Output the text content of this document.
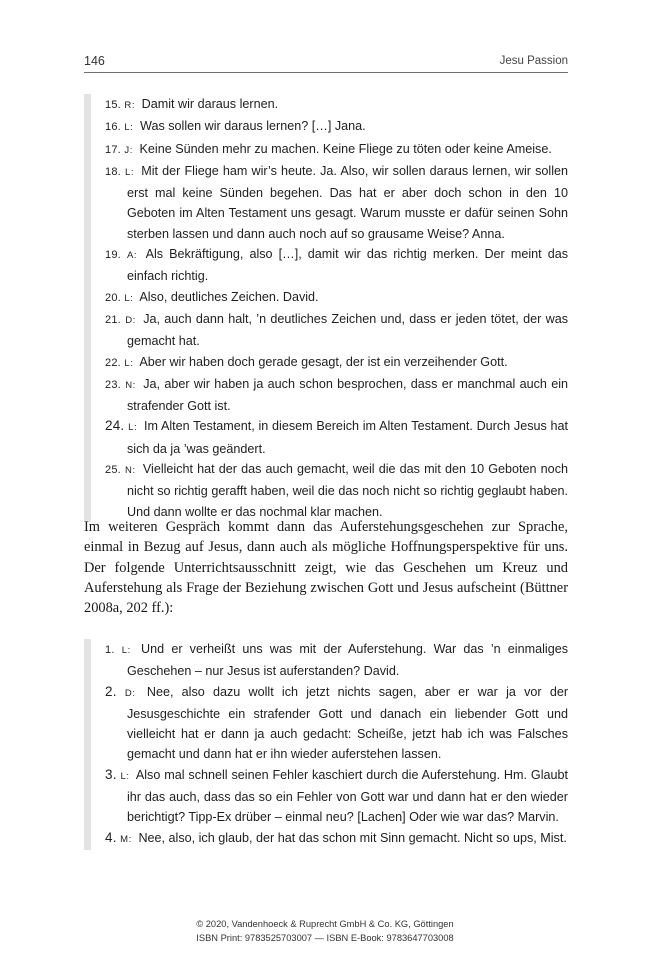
146	Jesu Passion

15. R: Damit wir daraus lernen.

16. L: Was sollen wir daraus lernen? […] Jana.

17. J: Keine Sünden mehr zu machen. Keine Fliege zu töten oder keine Ameise.

18. L: Mit der Fliege ham wir’s heute. Ja. Also, wir sollen daraus lernen, wir sollen erst mal keine Sünden begehen. Das hat er aber doch schon in den 10 Geboten im Alten Testament uns gesagt. Warum musste er dafür seinen Sohn sterben lassen und dann auch noch auf so grausame Weise? Anna.

19. A: Als Bekräftigung, also […], damit wir das richtig merken. Der meint das einfach richtig.

20. L: Also, deutliches Zeichen. David.

21. D: Ja, auch dann halt, ’n deutliches Zeichen und, dass er jeden tötet, der was gemacht hat.

22. L: Aber wir haben doch gerade gesagt, der ist ein verzeihender Gott.

23. N: Ja, aber wir haben ja auch schon besprochen, dass er manchmal auch ein strafender Gott ist.

24. L: Im Alten Testament, in diesem Bereich im Alten Testament. Durch Jesus hat sich da ja ’was geändert.

25. N: Vielleicht hat der das auch gemacht, weil die das mit den 10 Geboten noch nicht so richtig gerafft haben, weil die das noch nicht so richtig geglaubt haben. Und dann wollte er das nochmal klar machen.

Im weiteren Gespräch kommt dann das Auferstehungsgeschehen zur Sprache, einmal in Bezug auf Jesus, dann auch als mögliche Hoffnungsperspektive für uns. Der folgende Unterrichtsausschnitt zeigt, wie das Geschehen um Kreuz und Auferstehung als Frage der Beziehung zwischen Gott und Jesus aufscheint (Büttner 2008a, 202 ff.):

1. L: Und er verheißt uns was mit der Auferstehung. War das ’n einmaliges Geschehen – nur Jesus ist auferstanden? David.

2. D: Nee, also dazu wollt ich jetzt nichts sagen, aber er war ja vor der Jesusgeschichte ein strafender Gott und danach ein liebender Gott und vielleicht hat er dann ja auch gedacht: Scheiße, jetzt hab ich was Falsches gemacht und dann hat er ihn wieder auferstehen lassen.

3. L: Also mal schnell seinen Fehler kaschiert durch die Auferstehung. Hm. Glaubt ihr das auch, dass das so ein Fehler von Gott war und dann hat er den wieder berichtigt? Tipp-Ex drüber – einmal neu? [Lachen] Oder wie war das? Marvin.

4. M: Nee, also, ich glaub, der hat das schon mit Sinn gemacht. Nicht so ups, Mist.

© 2020, Vandenhoeck & Ruprecht GmbH & Co. KG, Göttingen
ISBN Print: 9783525703007 — ISBN E-Book: 9783647703008
